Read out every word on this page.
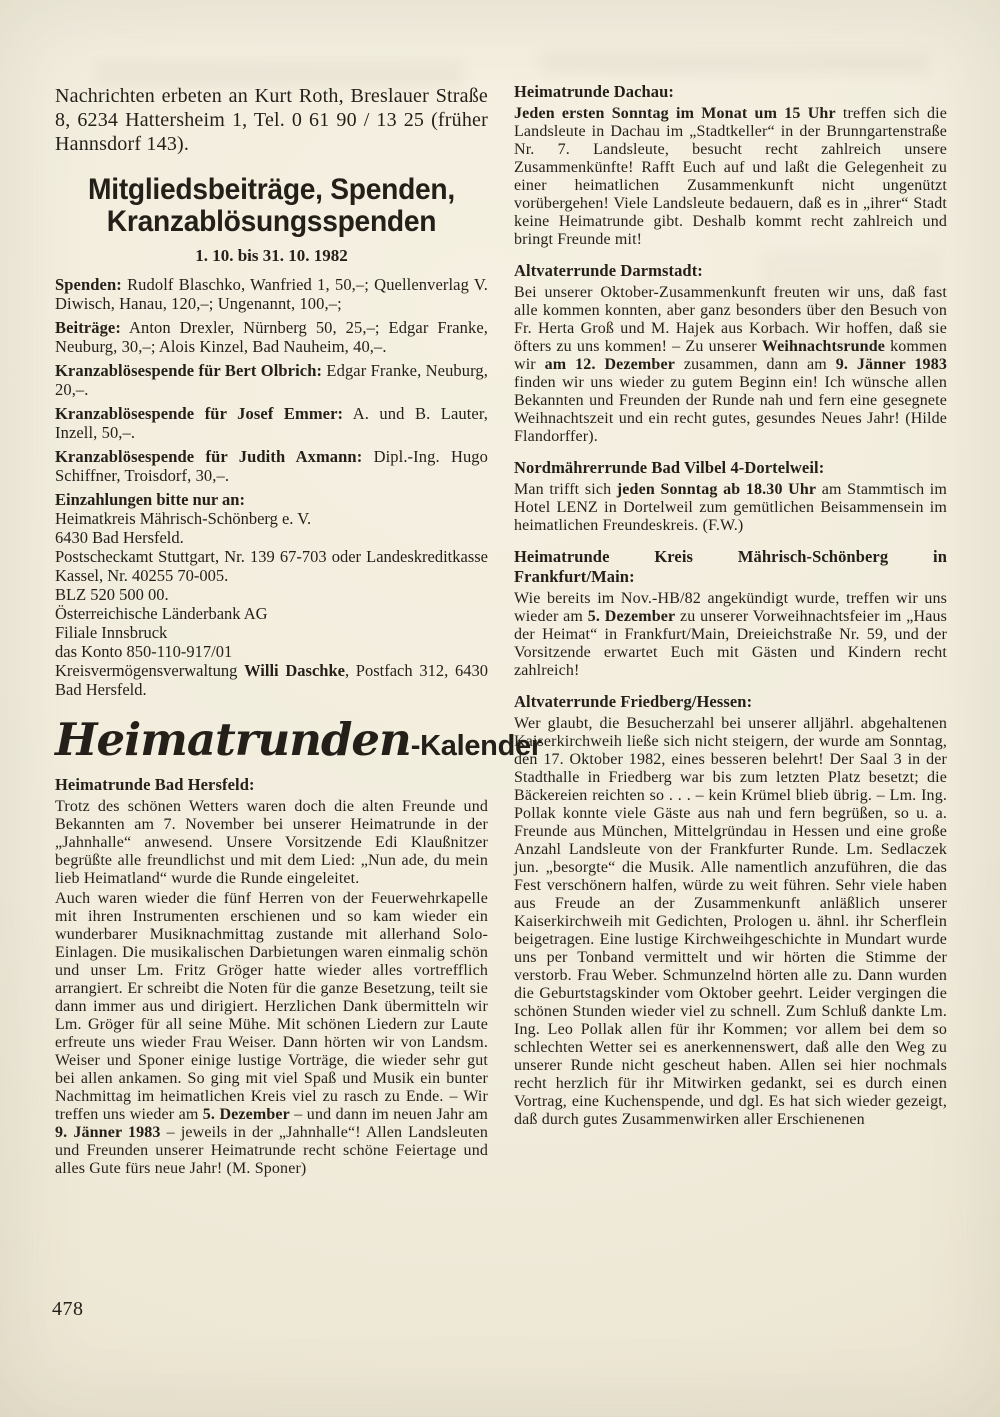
Nachrichten erbeten an Kurt Roth, Breslauer Straße 8, 6234 Hattersheim 1, Tel. 0 61 90 / 13 25 (früher Hannsdorf 143).

Mitgliedsbeiträge, Spenden,
Kranzablösungsspenden
1. 10. bis 31. 10. 1982

Spenden: Rudolf Blaschko, Wanfried 1, 50,–; Quellenverlag V. Diwisch, Hanau, 120,–; Ungenannt, 100,–;

Beiträge: Anton Drexler, Nürnberg 50, 25,–; Edgar Franke, Neuburg, 30,–; Alois Kinzel, Bad Nauheim, 40,–.

Kranzablösespende für Bert Olbrich: Edgar Franke, Neuburg, 20,–.

Kranzablösespende für Josef Emmer: A. und B. Lauter, Inzell, 50,–.

Kranzablösespende für Judith Axmann: Dipl.-Ing. Hugo Schiffner, Troisdorf, 30,–.

Einzahlungen bitte nur an:

Heimatkreis Mährisch-Schönberg e. V.

6430 Bad Hersfeld.

Postscheckamt Stuttgart, Nr. 139 67-703 oder Landeskreditkasse Kassel, Nr. 40255 70-005.

BLZ 520 500 00.

Österreichische Länderbank AG

Filiale Innsbruck

das Konto 850-110-917/01

Kreisvermögensverwaltung Willi Daschke, Postfach 312, 6430 Bad Hersfeld.

Heimatrunden -Kalender
Heimatrunde Bad Hersfeld:

Trotz des schönen Wetters waren doch die alten Freunde und Bekannten am 7. November bei unserer Heimatrunde in der „Jahnhalle“ anwesend. Unsere Vorsitzende Edi Klaußnitzer begrüßte alle freundlichst und mit dem Lied: „Nun ade, du mein lieb Heimatland“ wurde die Runde eingeleitet.

Auch waren wieder die fünf Herren von der Feuerwehrkapelle mit ihren Instrumenten erschienen und so kam wieder ein wunderbarer Musiknachmittag zustande mit allerhand Solo-Einlagen. Die musikalischen Darbietungen waren einmalig schön und unser Lm. Fritz Gröger hatte wieder alles vortrefflich arrangiert. Er schreibt die Noten für die ganze Besetzung, teilt sie dann immer aus und dirigiert. Herzlichen Dank übermitteln wir Lm. Gröger für all seine Mühe. Mit schönen Liedern zur Laute erfreute uns wieder Frau Weiser. Dann hörten wir von Landsm. Weiser und Sponer einige lustige Vorträge, die wieder sehr gut bei allen ankamen. So ging mit viel Spaß und Musik ein bunter Nachmittag im heimatlichen Kreis viel zu rasch zu Ende. – Wir treffen uns wieder am 5. Dezember – und dann im neuen Jahr am 9. Jänner 1983 – jeweils in der „Jahnhalle“! Allen Landsleuten und Freunden unserer Heimatrunde recht schöne Feiertage und alles Gute fürs neue Jahr! (M. Sponer)

Heimatrunde Dachau:

Jeden ersten Sonntag im Monat um 15 Uhr treffen sich die Landsleute in Dachau im „Stadtkeller“ in der Brunngartenstraße Nr. 7. Landsleute, besucht recht zahlreich unsere Zusammenkünfte! Rafft Euch auf und laßt die Gelegenheit zu einer heimatlichen Zusammenkunft nicht ungenützt vorübergehen! Viele Landsleute bedauern, daß es in „ihrer“ Stadt keine Heimatrunde gibt. Deshalb kommt recht zahlreich und bringt Freunde mit!

Altvaterrunde Darmstadt:

Bei unserer Oktober-Zusammenkunft freuten wir uns, daß fast alle kommen konnten, aber ganz besonders über den Besuch von Fr. Herta Groß und M. Hajek aus Korbach. Wir hoffen, daß sie öfters zu uns kommen! – Zu unserer Weihnachtsrunde kommen wir am 12. Dezember zusammen, dann am 9. Jänner 1983 finden wir uns wieder zu gutem Beginn ein! Ich wünsche allen Bekannten und Freunden der Runde nah und fern eine gesegnete Weihnachtszeit und ein recht gutes, gesundes Neues Jahr! (Hilde Flandorffer).

Nordmährerrunde Bad Vilbel 4-Dortelweil:

Man trifft sich jeden Sonntag ab 18.30 Uhr am Stammtisch im Hotel LENZ in Dortelweil zum gemütlichen Beisammensein im heimatlichen Freundeskreis. (F.W.)

Heimatrunde Kreis Mährisch-Schönberg in Frankfurt/Main:

Wie bereits im Nov.-HB/82 angekündigt wurde, treffen wir uns wieder am 5. Dezember zu unserer Vorweihnachtsfeier im „Haus der Heimat“ in Frankfurt/Main, Dreieichstraße Nr. 59, und der Vorsitzende erwartet Euch mit Gästen und Kindern recht zahlreich!

Altvaterrunde Friedberg/Hessen:

Wer glaubt, die Besucherzahl bei unserer alljährl. abgehaltenen Kaiserkirchweih ließe sich nicht steigern, der wurde am Sonntag, den 17. Oktober 1982, eines besseren belehrt! Der Saal 3 in der Stadthalle in Friedberg war bis zum letzten Platz besetzt; die Bäckereien reichten so . . . – kein Krümel blieb übrig. – Lm. Ing. Pollak konnte viele Gäste aus nah und fern begrüßen, so u. a. Freunde aus München, Mittelgründau in Hessen und eine große Anzahl Landsleute von der Frankfurter Runde. Lm. Sedlaczek jun. „besorgte“ die Musik. Alle namentlich anzuführen, die das Fest verschönern halfen, würde zu weit führen. Sehr viele haben aus Freude an der Zusammenkunft anläßlich unserer Kaiserkirchweih mit Gedichten, Prologen u. ähnl. ihr Scherflein beigetragen. Eine lustige Kirchweihgeschichte in Mundart wurde uns per Tonband vermittelt und wir hörten die Stimme der verstorb. Frau Weber. Schmunzelnd hörten alle zu. Dann wurden die Geburtstagskinder vom Oktober geehrt. Leider vergingen die schönen Stunden wieder viel zu schnell. Zum Schluß dankte Lm. Ing. Leo Pollak allen für ihr Kommen; vor allem bei dem so schlechten Wetter sei es anerkennenswert, daß alle den Weg zu unserer Runde nicht gescheut haben. Allen sei hier nochmals recht herzlich für ihr Mitwirken gedankt, sei es durch einen Vortrag, eine Kuchenspende, und dgl. Es hat sich wieder gezeigt, daß durch gutes Zusammenwirken aller Erschienenen

478
